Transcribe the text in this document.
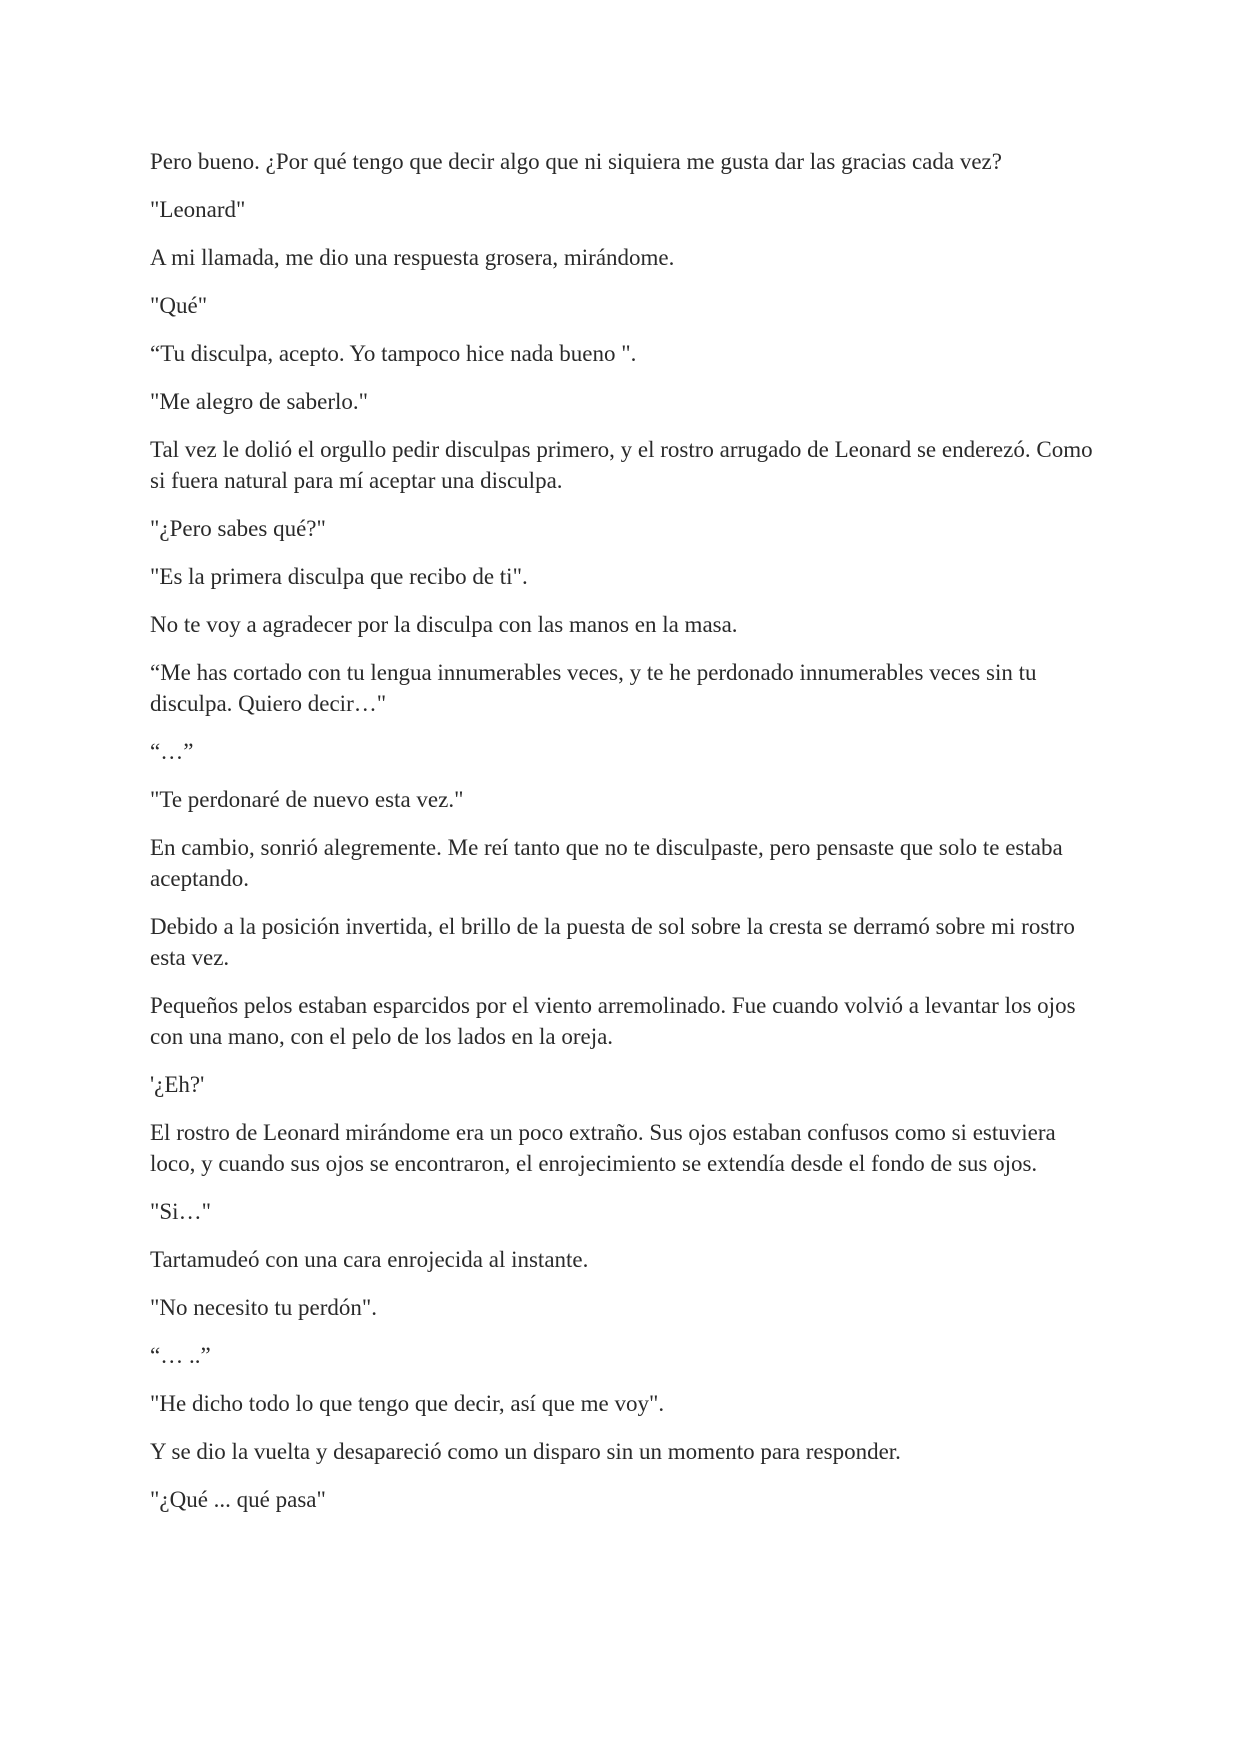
Pero bueno. ¿Por qué tengo que decir algo que ni siquiera me gusta dar las gracias cada vez?

"Leonard"

A mi llamada, me dio una respuesta grosera, mirándome.

"Qué"

“Tu disculpa, acepto. Yo tampoco hice nada bueno ".

"Me alegro de saberlo."

Tal vez le dolió el orgullo pedir disculpas primero, y el rostro arrugado de Leonard se enderezó. Como si fuera natural para mí aceptar una disculpa.

"¿Pero sabes qué?"

"Es la primera disculpa que recibo de ti".

No te voy a agradecer por la disculpa con las manos en la masa.

“Me has cortado con tu lengua innumerables veces, y te he perdonado innumerables veces sin tu disculpa. Quiero decir…"

“…”

"Te perdonaré de nuevo esta vez."

En cambio, sonrió alegremente. Me reí tanto que no te disculpaste, pero pensaste que solo te estaba aceptando.

Debido a la posición invertida, el brillo de la puesta de sol sobre la cresta se derramó sobre mi rostro esta vez.

Pequeños pelos estaban esparcidos por el viento arremolinado. Fue cuando volvió a levantar los ojos con una mano, con el pelo de los lados en la oreja.

'¿Eh?'

El rostro de Leonard mirándome era un poco extraño. Sus ojos estaban confusos como si estuviera loco, y cuando sus ojos se encontraron, el enrojecimiento se extendía desde el fondo de sus ojos.

"Si…"

Tartamudeó con una cara enrojecida al instante.

"No necesito tu perdón".

“… ..”

"He dicho todo lo que tengo que decir, así que me voy".

Y se dio la vuelta y desapareció como un disparo sin un momento para responder.

"¿Qué ... qué pasa"
